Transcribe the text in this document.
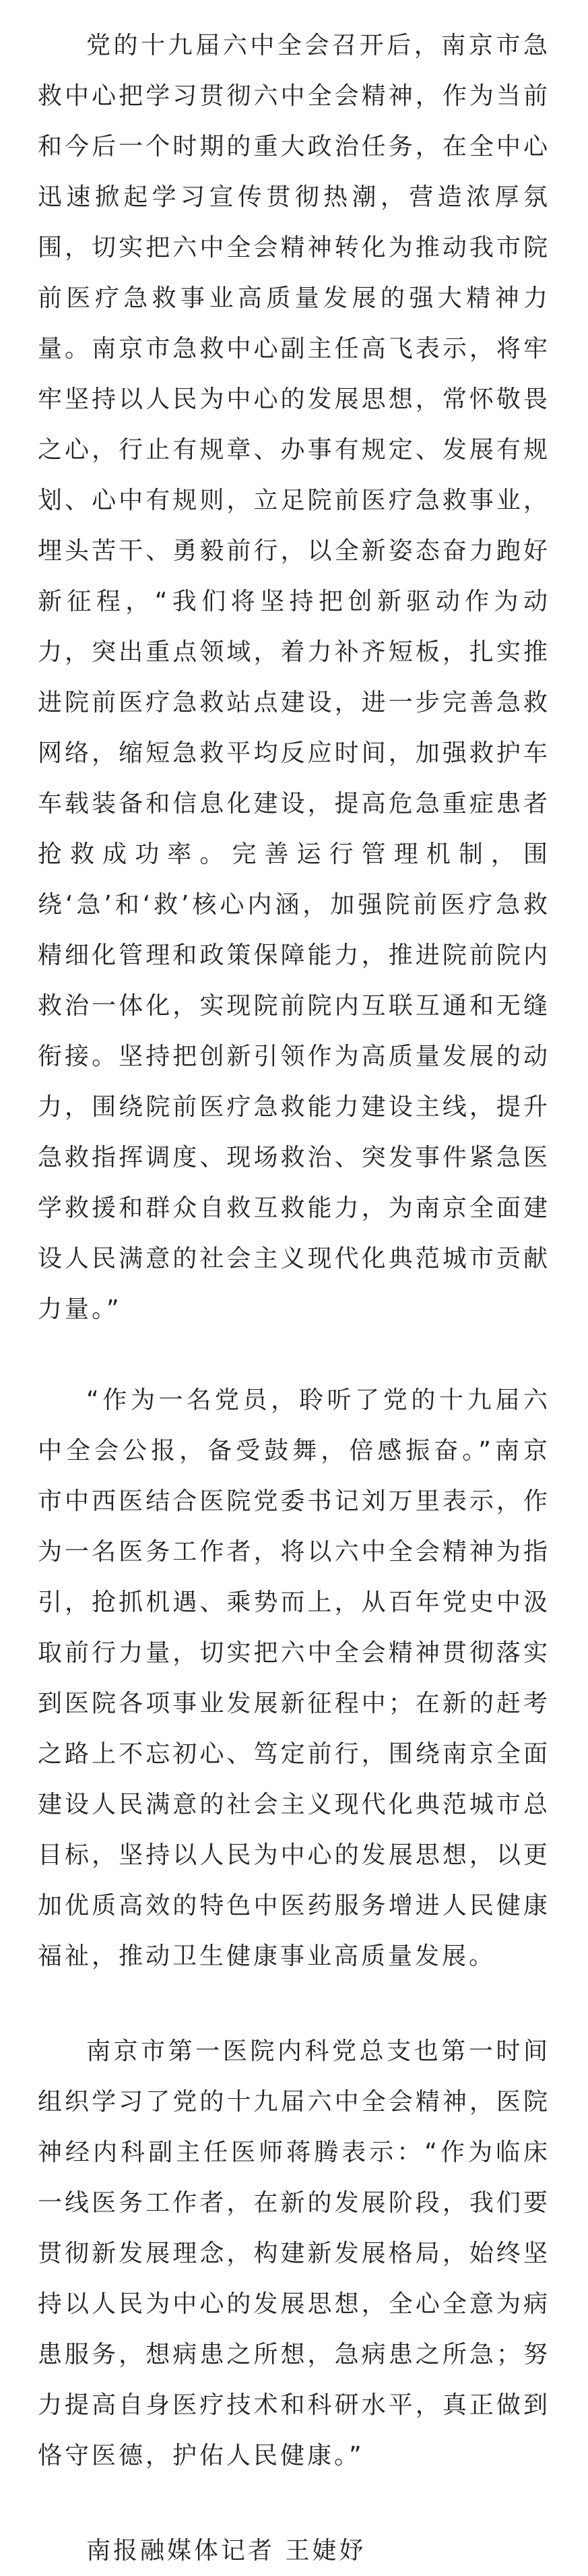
党的十九届六中全会召开后，南京市急救中心把学习贯彻六中全会精神，作为当前和今后一个时期的重大政治任务，在全中心迅速掀起学习宣传贯彻热潮，营造浓厚氛围，切实把六中全会精神转化为推动我市院前医疗急救事业高质量发展的强大精神力量。南京市急救中心副主任高飞表示，将牢牢坚持以人民为中心的发展思想，常怀敬畏之心，行止有规章、办事有规定、发展有规划、心中有规则，立足院前医疗急救事业，埋头苦干、勇毅前行，以全新姿态奋力跑好新征程，“我们将坚持把创新驱动作为动力，突出重点领域，着力补齐短板，扎实推进院前医疗急救站点建设，进一步完善急救网络，缩短急救平均反应时间，加强救护车车载装备和信息化建设，提高危急重症患者抢救成功率。完善运行管理机制，围绕‘急’和‘救’核心内涵，加强院前医疗急救精细化管理和政策保障能力，推进院前院内救治一体化，实现院前院内互联互通和无缝衔接。坚持把创新引领作为高质量发展的动力，围绕院前医疗急救能力建设主线，提升急救指挥调度、现场救治、突发事件紧急医学救援和群众自救互救能力，为南京全面建设人民满意的社会主义现代化典范城市贡献力量。”

“作为一名党员，聆听了党的十九届六中全会公报，备受鼓舞，倍感振奋。”南京市中西医结合医院党委书记刘万里表示，作为一名医务工作者，将以六中全会精神为指引，抢抓机遇、乘势而上，从百年党史中汲取前行力量，切实把六中全会精神贯彻落实到医院各项事业发展新征程中；在新的赶考之路上不忘初心、笃定前行，围绕南京全面建设人民满意的社会主义现代化典范城市总目标，坚持以人民为中心的发展思想，以更加优质高效的特色中医药服务增进人民健康福祉，推动卫生健康事业高质量发展。

南京市第一医院内科党总支也第一时间组织学习了党的十九届六中全会精神，医院神经内科副主任医师蒋腾表示：“作为临床一线医务工作者，在新的发展阶段，我们要贯彻新发展理念，构建新发展格局，始终坚持以人民为中心的发展思想，全心全意为病患服务，想病患之所想，急病患之所急；努力提高自身医疗技术和科研水平，真正做到恪守医德，护佑人民健康。”

南报融媒体记者 王婕妤
